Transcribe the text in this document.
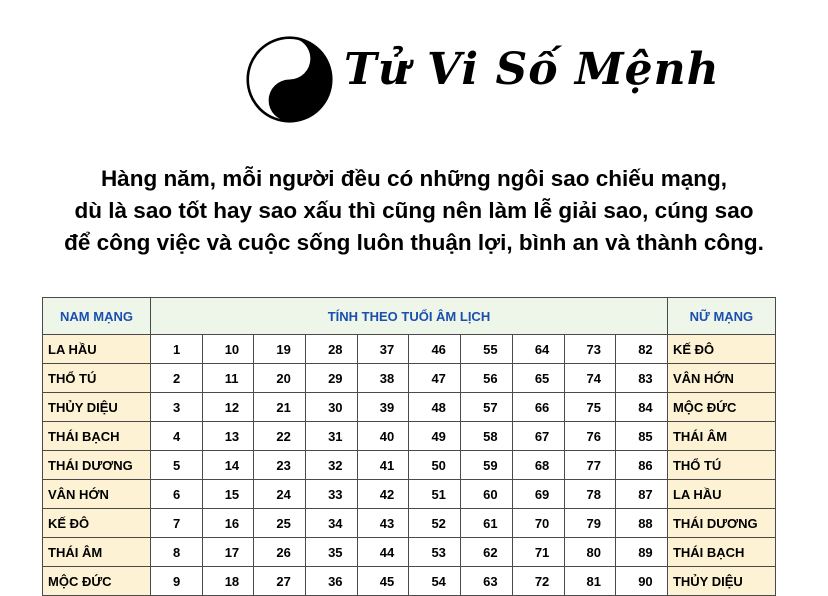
Tử Vi Số Mệnh
Hàng năm, mỗi người đều có những ngôi sao chiếu mạng,
dù là sao tốt hay sao xấu thì cũng nên làm lễ giải sao, cúng sao
để công việc và cuộc sống luôn thuận lợi, bình an và thành công.
NAM MẠNG	TÍNH THEO TUỔI ÂM LỊCH										NỮ MẠNG
LA HẦU	1	10	19	28	37	46	55	64	73	82	KẾ ĐÔ
THỔ TÚ	2	11	20	29	38	47	56	65	74	83	VÂN HỚN
THỦY DIỆU	3	12	21	30	39	48	57	66	75	84	MỘC ĐỨC
THÁI BẠCH	4	13	22	31	40	49	58	67	76	85	THÁI ÂM
THÁI DƯƠNG	5	14	23	32	41	50	59	68	77	86	THỔ TÚ
VÂN HỚN	6	15	24	33	42	51	60	69	78	87	LA HẦU
KẾ ĐÔ	7	16	25	34	43	52	61	70	79	88	THÁI DƯƠNG
THÁI ÂM	8	17	26	35	44	53	62	71	80	89	THÁI BẠCH
MỘC ĐỨC	9	18	27	36	45	54	63	72	81	90	THỦY DIỆU
